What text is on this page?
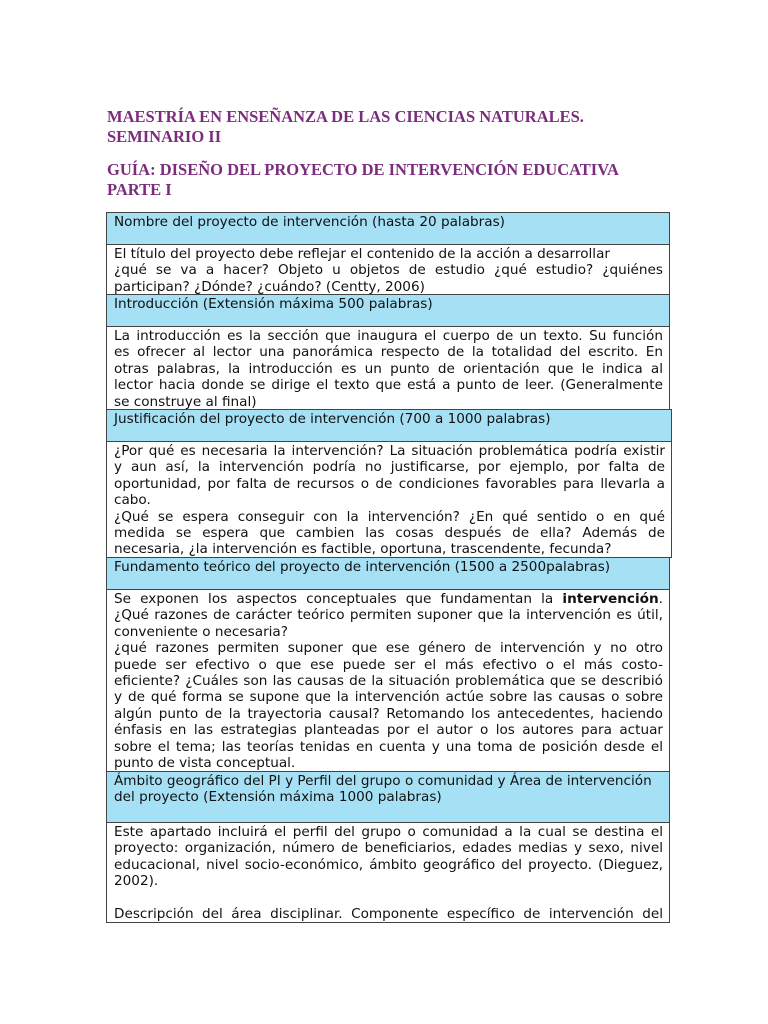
MAESTRÍA EN ENSEÑANZA DE LAS CIENCIAS NATURALES.
SEMINARIO II
GUÍA: DISEÑO DEL PROYECTO DE INTERVENCIÓN EDUCATIVA
PARTE I
Nombre del proyecto de intervención (hasta 20 palabras)
El título del proyecto debe reflejar el contenido de la acción a desarrollar
¿qué se va a hacer? Objeto u objetos de estudio ¿qué estudio? ¿quiénes
participan? ¿Dónde? ¿cuándo? (Centty, 2006)
Introducción (Extensión máxima 500 palabras)
La introducción es la sección que inaugura el cuerpo de un texto. Su función
es ofrecer al lector una panorámica respecto de la totalidad del escrito. En
otras palabras, la introducción es un punto de orientación que le indica al
lector hacia donde se dirige el texto que está a punto de leer. (Generalmente
se construye al final)
Justificación del proyecto de intervención (700 a 1000 palabras)
¿Por qué es necesaria la intervención? La situación problemática podría existir
y aun así, la intervención podría no justificarse, por ejemplo, por falta de
oportunidad, por falta de recursos o de condiciones favorables para llevarla a
cabo.
¿Qué se espera conseguir con la intervención? ¿En qué sentido o en qué
medida se espera que cambien las cosas después de ella? Además de
necesaria, ¿la intervención es factible, oportuna, trascendente, fecunda?
Fundamento teórico del proyecto de intervención (1500 a 2500palabras)
Se exponen los aspectos conceptuales que fundamentan la intervención.
¿Qué razones de carácter teórico permiten suponer que la intervención es útil,
conveniente o necesaria?
¿qué razones permiten suponer que ese género de intervención y no otro
puede ser efectivo o que ese puede ser el más efectivo o el más costo-
eficiente? ¿Cuáles son las causas de la situación problemática que se describió
y de qué forma se supone que la intervención actúe sobre las causas o sobre
algún punto de la trayectoria causal? Retomando los antecedentes, haciendo
énfasis en las estrategias planteadas por el autor o los autores para actuar
sobre el tema; las teorías tenidas en cuenta y una toma de posición desde el
punto de vista conceptual.
Ámbito geográfico del PI y Perfil del grupo o comunidad y Área de intervención
del proyecto (Extensión máxima 1000 palabras)
Este apartado incluirá el perfil del grupo o comunidad a la cual se destina el
proyecto: organización, número de beneficiarios, edades medias y sexo, nivel
educacional, nivel socio-económico, ámbito geográfico del proyecto. (Dieguez,
2002).
Descripción del área disciplinar. Componente específico de intervención del
